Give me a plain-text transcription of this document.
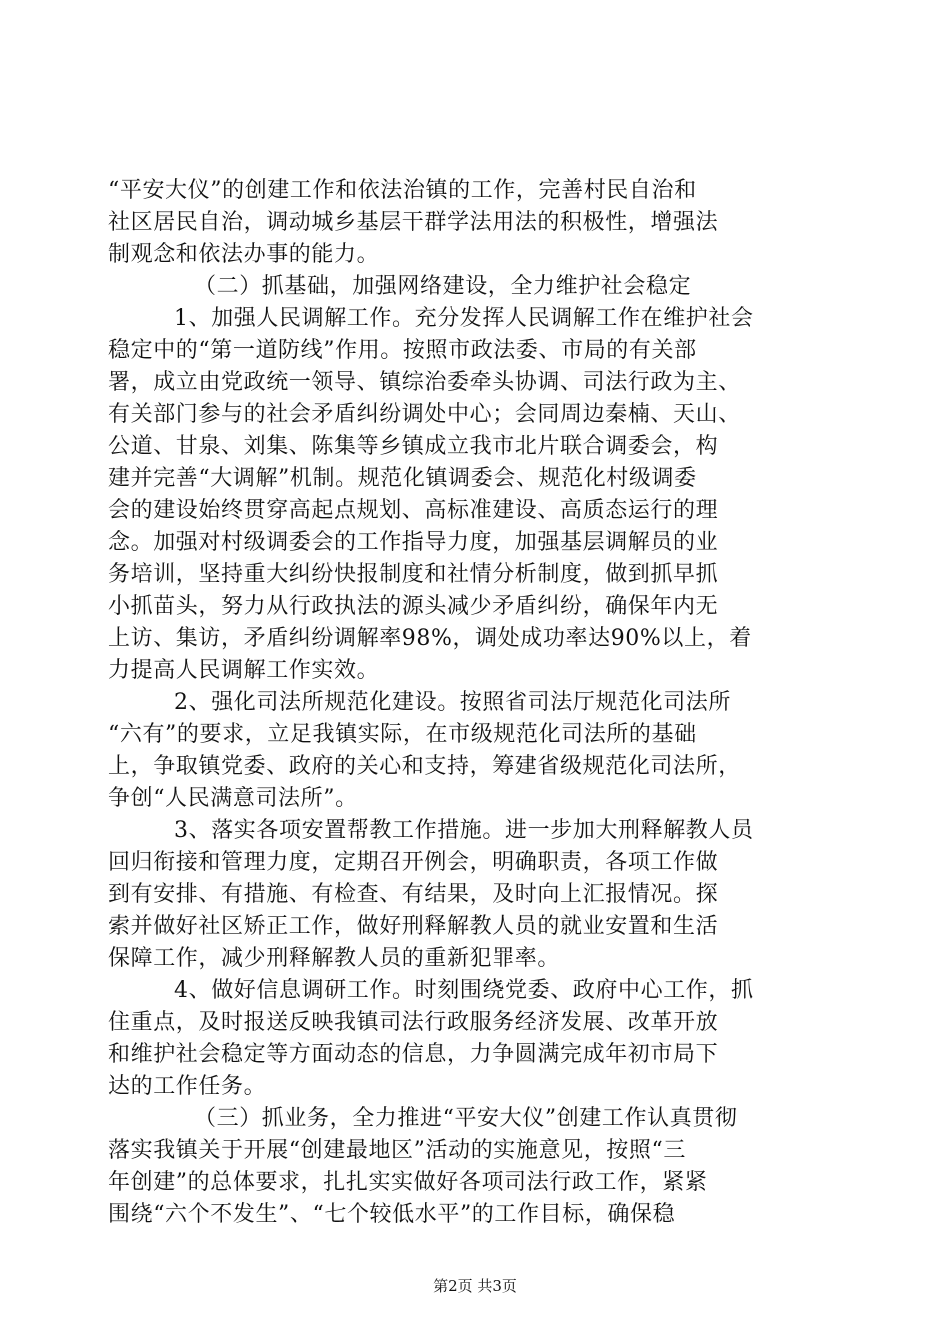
“平安大仪”的创建工作和依法治镇的工作，完善村民自治和
社区居民自治，调动城乡基层干群学法用法的积极性，增强法
制观念和依法办事的能力。
（二）抓基础，加强网络建设，全力维护社会稳定
1、加强人民调解工作。充分发挥人民调解工作在维护社会
稳定中的“第一道防线”作用。按照市政法委、市局的有关部
署，成立由党政统一领导、镇综治委牵头协调、司法行政为主、
有关部门参与的社会矛盾纠纷调处中心；会同周边秦楠、天山、
公道、甘泉、刘集、陈集等乡镇成立我市北片联合调委会，构
建并完善“大调解”机制。规范化镇调委会、规范化村级调委
会的建设始终贯穿高起点规划、高标准建设、高质态运行的理
念。加强对村级调委会的工作指导力度，加强基层调解员的业
务培训，坚持重大纠纷快报制度和社情分析制度，做到抓早抓
小抓苗头，努力从行政执法的源头减少矛盾纠纷，确保年内无
上访、集访，矛盾纠纷调解率98%，调处成功率达90%以上，着
力提高人民调解工作实效。
2、强化司法所规范化建设。按照省司法厅规范化司法所
“六有”的要求，立足我镇实际，在市级规范化司法所的基础
上，争取镇党委、政府的关心和支持，筹建省级规范化司法所，
争创“人民满意司法所”。
3、落实各项安置帮教工作措施。进一步加大刑释解教人员
回归衔接和管理力度，定期召开例会，明确职责，各项工作做
到有安排、有措施、有检查、有结果，及时向上汇报情况。探
索并做好社区矫正工作，做好刑释解教人员的就业安置和生活
保障工作，减少刑释解教人员的重新犯罪率。
4、做好信息调研工作。时刻围绕党委、政府中心工作，抓
住重点，及时报送反映我镇司法行政服务经济发展、改革开放
和维护社会稳定等方面动态的信息，力争圆满完成年初市局下
达的工作任务。
（三）抓业务，全力推进“平安大仪”创建工作认真贯彻
落实我镇关于开展“创建最地区”活动的实施意见，按照“三
年创建”的总体要求，扎扎实实做好各项司法行政工作，紧紧
围绕“六个不发生”、“七个较低水平”的工作目标，确保稳
第2页 共3页
